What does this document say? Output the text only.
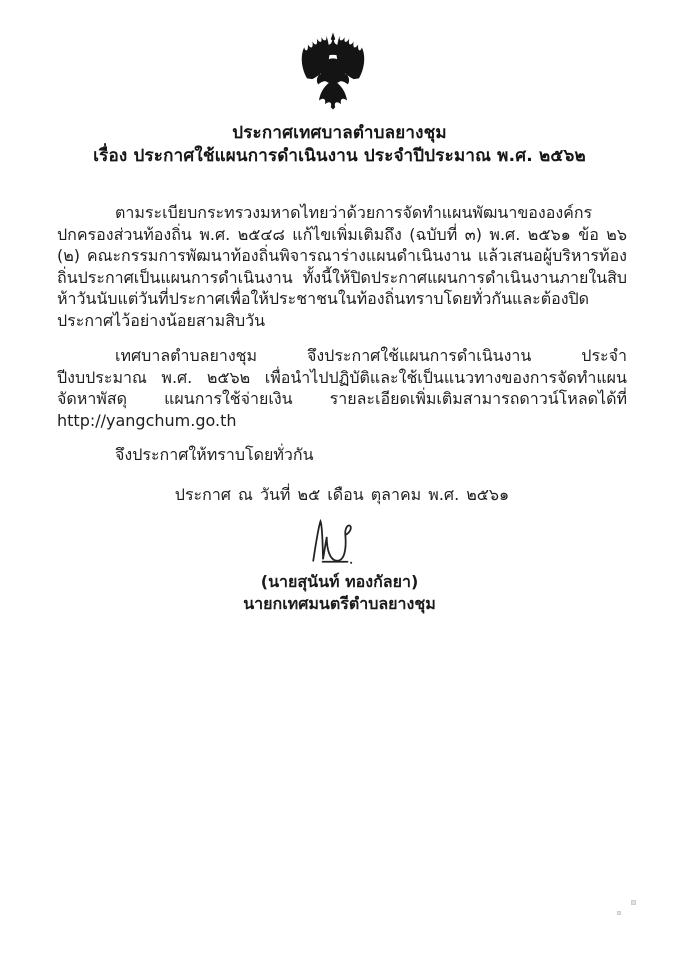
ประกาศเทศบาลตำบลยางชุม
เรื่อง ประกาศใช้แผนการดำเนินงาน ประจำปีประมาณ พ.ศ. ๒๕๖๒

ตามระเบียบกระทรวงมหาดไทยว่าด้วยการจัดทำแผนพัฒนาขององค์กรปกครองส่วนท้องถิ่น พ.ศ. ๒๕๔๘ แก้ไขเพิ่มเติมถึง (ฉบับที่ ๓) พ.ศ. ๒๕๖๑ ข้อ ๒๖ (๒) คณะกรรมการพัฒนาท้องถิ่นพิจารณาร่างแผนดำเนินงาน แล้วเสนอผู้บริหารท้องถิ่นประกาศเป็นแผนการดำเนินงาน ทั้งนี้ให้ปิดประกาศแผนการดำเนินงานภายในสิบห้าวันนับแต่วันที่ประกาศเพื่อให้ประชาชนในท้องถิ่นทราบโดยทั่วกันและต้องปิดประกาศไว้อย่างน้อยสามสิบวัน

เทศบาลตำบลยางชุม จึงประกาศใช้แผนการดำเนินงาน ประจำปีงบประมาณ พ.ศ. ๒๕๖๒ เพื่อนำไปปฏิบัติและใช้เป็นแนวทางของการจัดทำแผนจัดหาพัสดุ แผนการใช้จ่ายเงิน รายละเอียดเพิ่มเติมสามารถดาวน์โหลดได้ที่ http://yangchum.go.th

จึงประกาศให้ทราบโดยทั่วกัน

ประกาศ ณ วันที่ ๒๕ เดือน ตุลาคม พ.ศ. ๒๕๖๑
(นายสุนันท์ ทองกัลยา)
นายกเทศมนตรีตำบลยางชุม
